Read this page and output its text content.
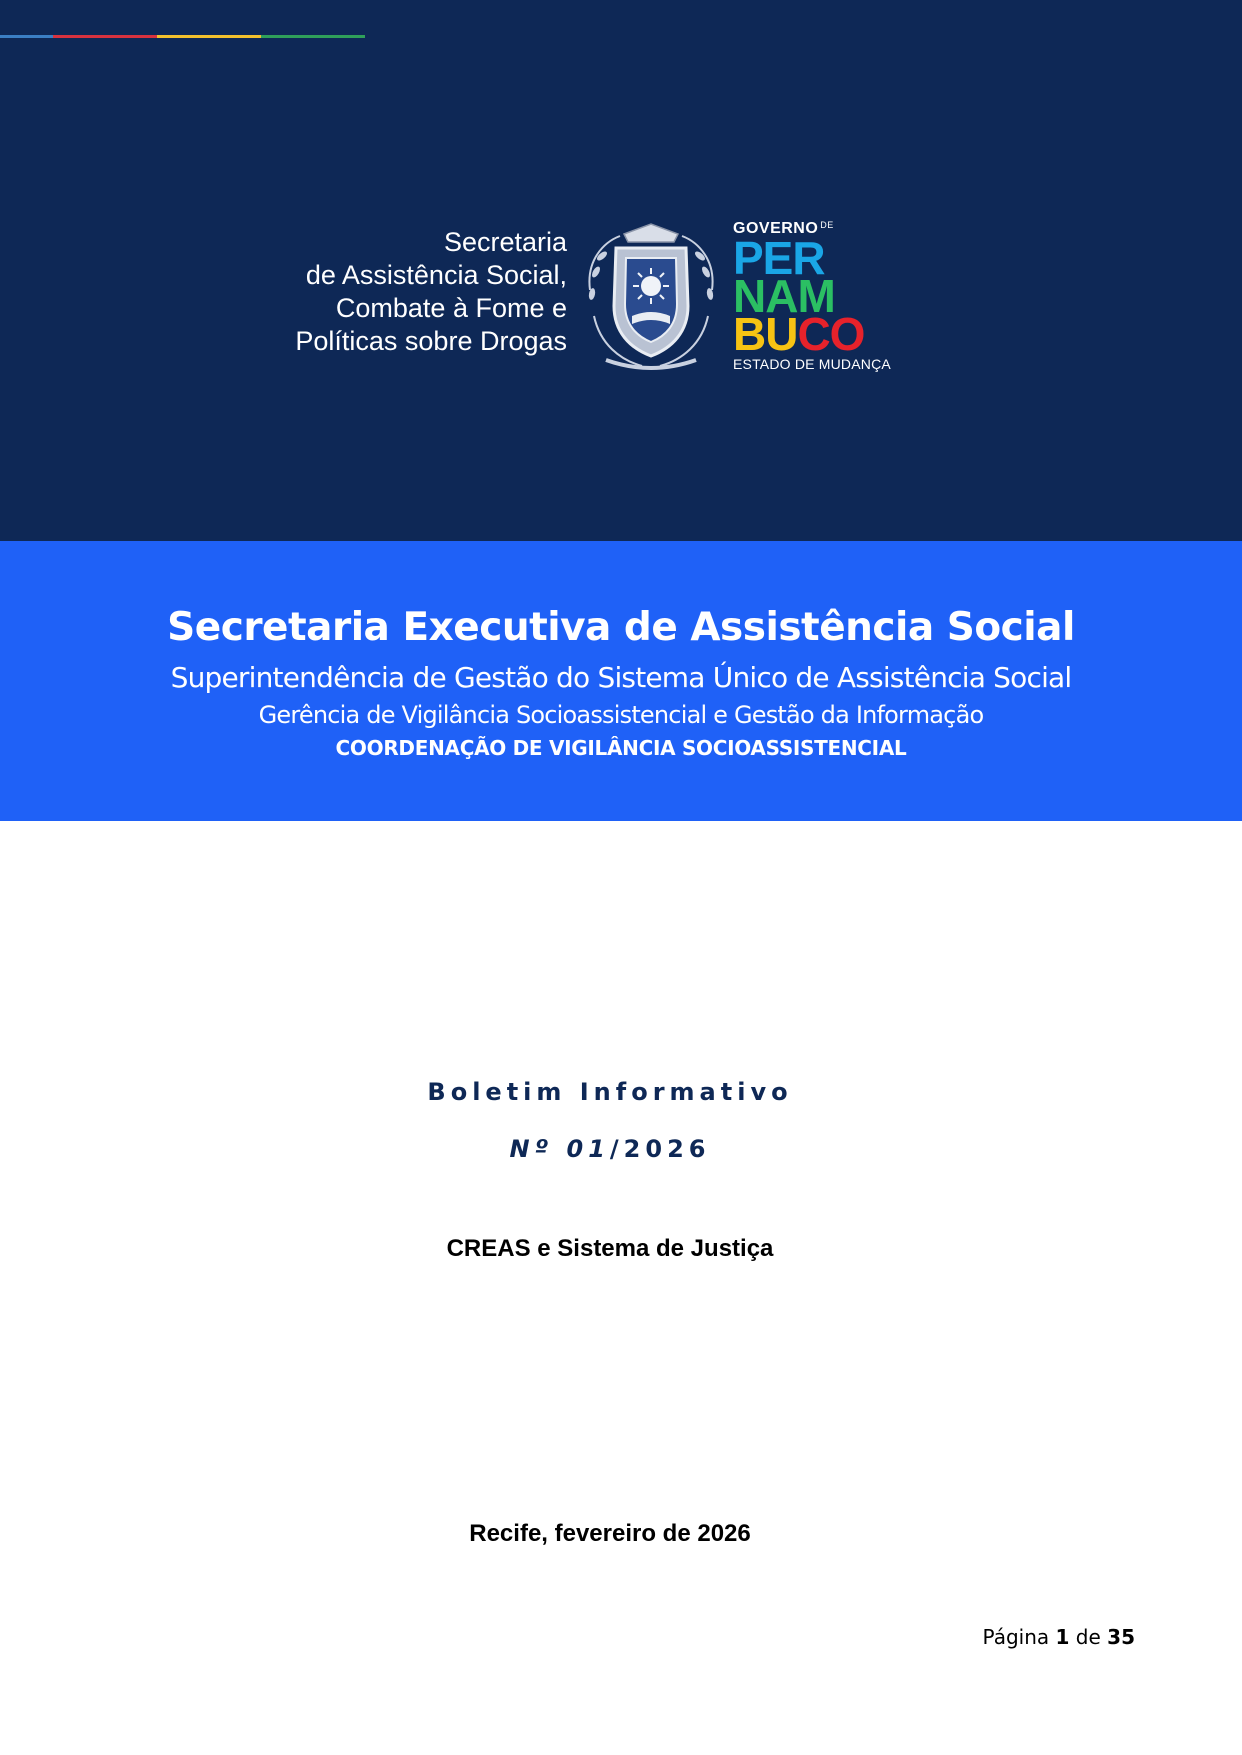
Secretaria
de Assistência Social,
Combate à Fome e
Políticas sobre Drogas
GOVERNO $^{DE}$
PER
NAM
BUCO
ESTADO DE MUDANÇA
Secretaria Executiva de Assistência Social
Superintendência de Gestão do Sistema Único de Assistência Social
Gerência de Vigilância Socioassistencial e Gestão da Informação
COORDENAÇÃO DE VIGILÂNCIA SOCIOASSISTENCIAL
Boletim Informativo
Nº 01/2026
CREAS e Sistema de Justiça
Recife, fevereiro de 2026
Página 1 de 35
